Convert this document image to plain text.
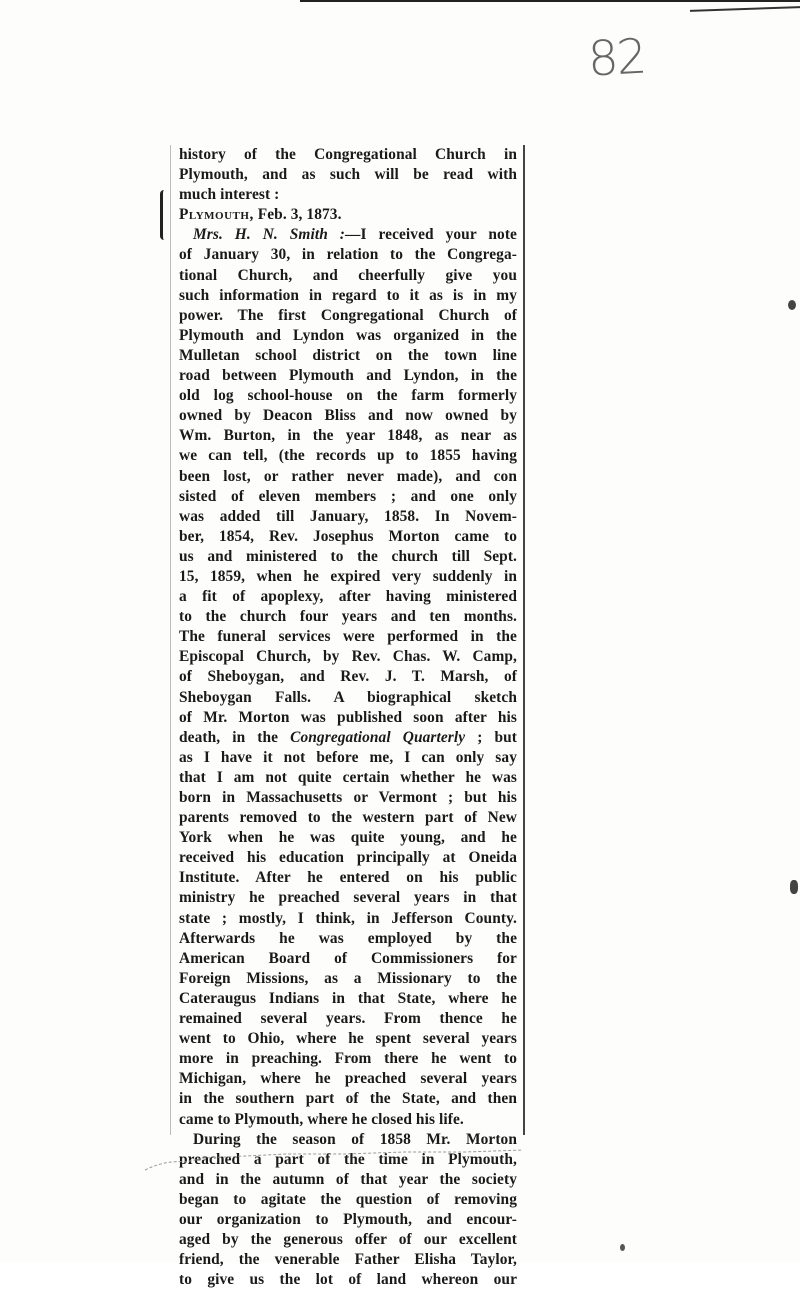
82
history of the Congregational Church in
Plymouth, and as such will be read with
much interest :
Plymouth, Feb. 3, 1873.
Mrs. H. N. Smith :—I received your note
of January 30, in relation to the Congrega-
tional Church, and cheerfully give you
such information in regard to it as is in my
power. The first Congregational Church of
Plymouth and Lyndon was organized in the
Mulletan school district on the town line
road between Plymouth and Lyndon, in the
old log school-house on the farm formerly
owned by Deacon Bliss and now owned by
Wm. Burton, in the year 1848, as near as
we can tell, (the records up to 1855 having
been lost, or rather never made), and con
sisted of eleven members ; and one only
was added till January, 1858. In Novem-
ber, 1854, Rev. Josephus Morton came to
us and ministered to the church till Sept.
15, 1859, when he expired very suddenly in
a fit of apoplexy, after having ministered
to the church four years and ten months.
The funeral services were performed in the
Episcopal Church, by Rev. Chas. W. Camp,
of Sheboygan, and Rev. J. T. Marsh, of
Sheboygan Falls. A biographical sketch
of Mr. Morton was published soon after his
death, in the Congregational Quarterly ; but
as I have it not before me, I can only say
that I am not quite certain whether he was
born in Massachusetts or Vermont ; but his
parents removed to the western part of New
York when he was quite young, and he
received his education principally at Oneida
Institute. After he entered on his public
ministry he preached several years in that
state ; mostly, I think, in Jefferson County.
Afterwards he was employed by the
American Board of Commissioners for
Foreign Missions, as a Missionary to the
Cateraugus Indians in that State, where he
remained several years. From thence he
went to Ohio, where he spent several years
more in preaching. From there he went to
Michigan, where he preached several years
in the southern part of the State, and then
came to Plymouth, where he closed his life.
During the season of 1858 Mr. Morton
preached a part of the time in Plymouth,
and in the autumn of that year the society
began to agitate the question of removing
our organization to Plymouth, and encour-
aged by the generous offer of our excellent
friend, the venerable Father Elisha Taylor,
to give us the lot of land whereon our
